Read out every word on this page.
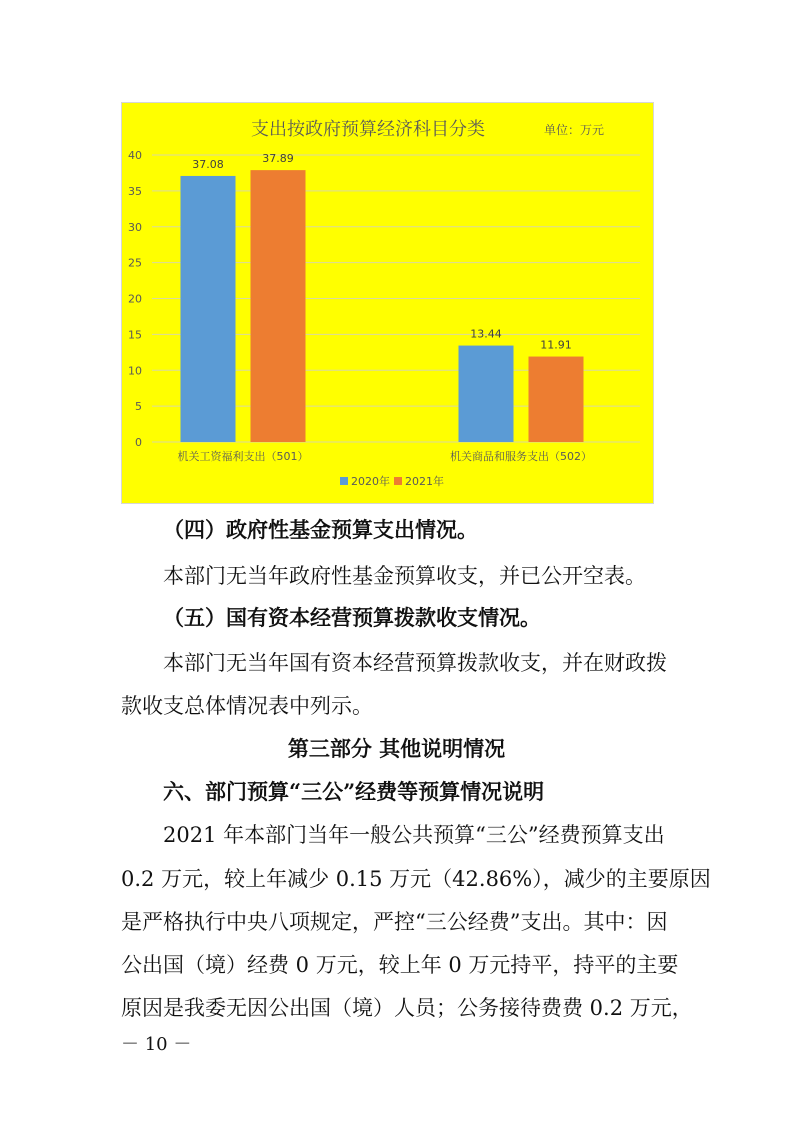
支出按政府预算经济科目分类	单位：万元
0
5
10
15
20
25
30
35
40
37.08	37.89
机关工资福利支出（501）
13.44
11.91
机关商品和服务支出（502）
2020年 2021年
（四）政府性基金预算支出情况。
本部门无当年政府性基金预算收支，并已公开空表。
（五）国有资本经营预算拨款收支情况。
本部门无当年国有资本经营预算拨款收支，并在财政拨
款收支总体情况表中列示。
第三部分 其他说明情况
六、部门预算“三公”经费等预算情况说明
2021 年本部门当年一般公共预算“三公”经费预算支出
0.2 万元，较上年减少 0.15 万元（42.86%），减少的主要原因
是严格执行中央八项规定，严控“三公经费”支出。其中：因
公出国（境）经费 0 万元，较上年 0 万元持平，持平的主要
原因是我委无因公出国（境）人员；公务接待费费 0.2 万元，
－ 10 －
